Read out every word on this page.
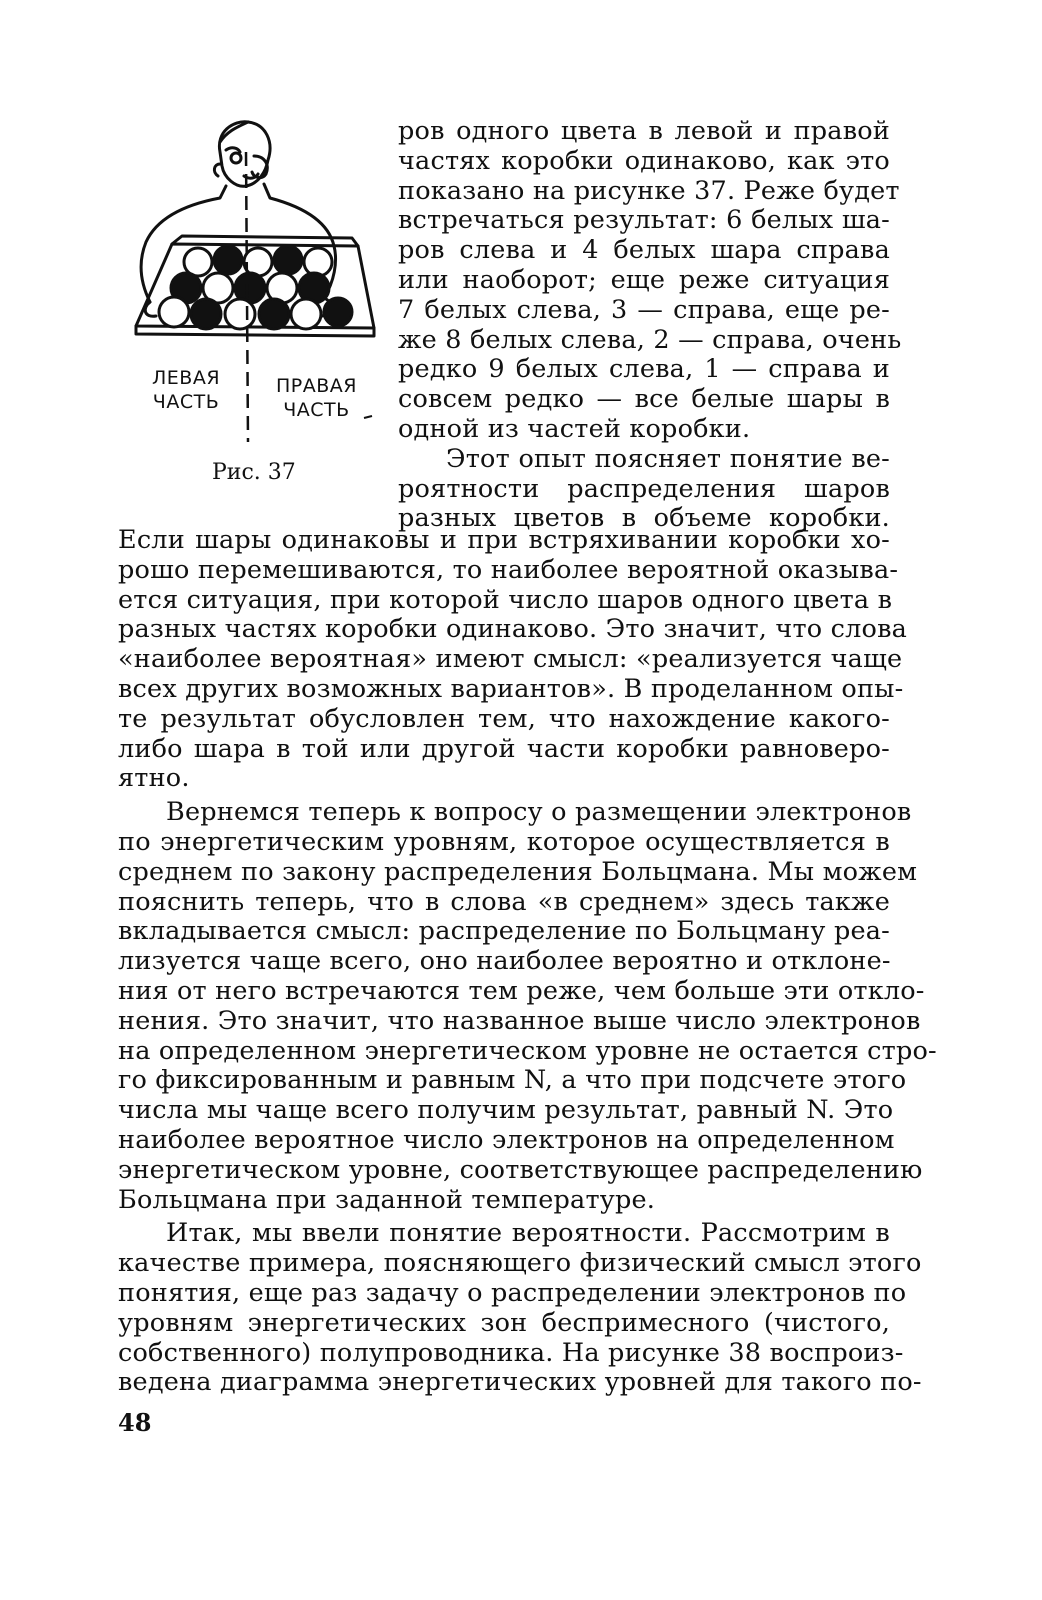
ЛЕВАЯ
ЧАСТЬ
ПРАВАЯ
ЧАСТЬ
Рис. 37
ров одного цвета в левой и правой
частях коробки одинаково, как это
показано на рисунке 37. Реже будет
встречаться результат: 6 белых ша-
ров слева и 4 белых шара справа
или наоборот; еще реже ситуация
7 белых слева, 3 — справа, еще ре-
же 8 белых слева, 2 — справа, очень
редко 9 белых слева, 1 — справа и
совсем редко — все белые шары в
одной из частей коробки.
Этот опыт поясняет понятие ве-
роятности распределения шаров
разных цветов в объеме коробки.
Если шары одинаковы и при встряхивании коробки хо-
рошо перемешиваются, то наиболее вероятной оказыва-
ется ситуация, при которой число шаров одного цвета в
разных частях коробки одинаково. Это значит, что слова
«наиболее вероятная» имеют смысл: «реализуется чаще
всех других возможных вариантов». В проделанном опы-
те результат обусловлен тем, что нахождение какого-
либо шара в той или другой части коробки равноверо-
ятно.
Вернемся теперь к вопросу о размещении электронов
по энергетическим уровням, которое осуществляется в
среднем по закону распределения Больцмана. Мы можем
пояснить теперь, что в слова «в среднем» здесь также
вкладывается смысл: распределение по Больцману реа-
лизуется чаще всего, оно наиболее вероятно и отклоне-
ния от него встречаются тем реже, чем больше эти откло-
нения. Это значит, что названное выше число электронов
на определенном энергетическом уровне не остается стро-
го фиксированным и равным N, а что при подсчете этого
числа мы чаще всего получим результат, равный N. Это
наиболее вероятное число электронов на определенном
энергетическом уровне, соответствующее распределению
Больцмана при заданной температуре.
Итак, мы ввели понятие вероятности. Рассмотрим в
качестве примера, поясняющего физический смысл этого
понятия, еще раз задачу о распределении электронов по
уровням энергетических зон беспримесного (чистого,
собственного) полупроводника. На рисунке 38 воспроиз-
ведена диаграмма энергетических уровней для такого по-
48
